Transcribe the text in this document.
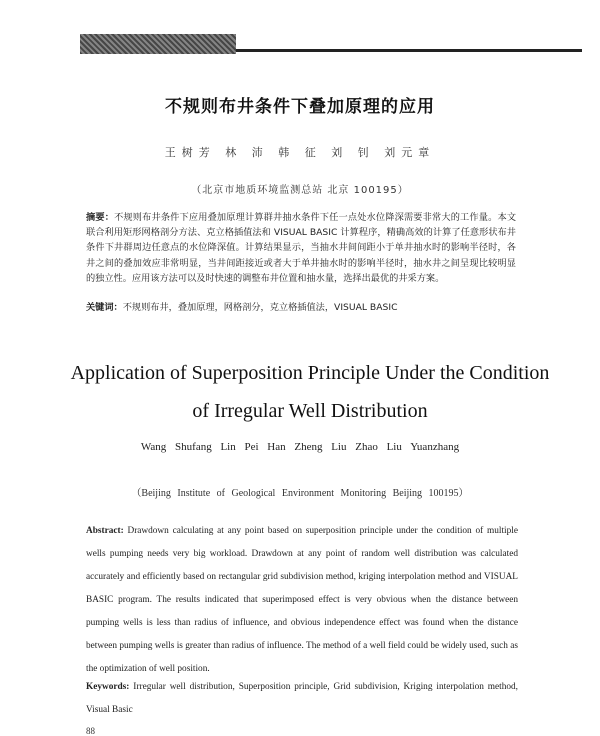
不规则布井条件下叠加原理的应用
王树芳 林 沛 韩 征 刘 钊 刘元章
（北京市地质环境监测总站 北京 100195）
摘要：不规则布井条件下应用叠加原理计算群井抽水条件下任一点处水位降深需要非常大的工作量。本文联合利用矩形网格剖分方法、克立格插值法和 VISUAL BASIC 计算程序，精确高效的计算了任意形状布井条件下井群周边任意点的水位降深值。计算结果显示，当抽水井间间距小于单井抽水时的影响半径时，各井之间的叠加效应非常明显，当井间距接近或者大于单井抽水时的影响半径时，抽水井之间呈现比较明显的独立性。应用该方法可以及时快速的调整布井位置和抽水量，选择出最优的井采方案。
关键词：不规则布井，叠加原理，网格剖分，克立格插值法，VISUAL BASIC
Application of Superposition Principle Under the Condition of Irregular Well Distribution
Wang Shufang Lin Pei Han Zheng Liu Zhao Liu Yuanzhang
（Beijing Institute of Geological Environment Monitoring Beijing 100195）
Abstract: Drawdown calculating at any point based on superposition principle under the condition of multiple wells pumping needs very big workload. Drawdown at any point of random well distribution was calculated accurately and efficiently based on rectangular grid subdivision method, kriging interpolation method and VISUAL BASIC program. The results indicated that superimposed effect is very obvious when the distance between pumping wells is less than radius of influence, and obvious independence effect was found when the distance between pumping wells is greater than radius of influence. The method of a well field could be widely used, such as the optimization of well position.
Keywords: Irregular well distribution, Superposition principle, Grid subdivision, Kriging interpolation method, Visual Basic
88
